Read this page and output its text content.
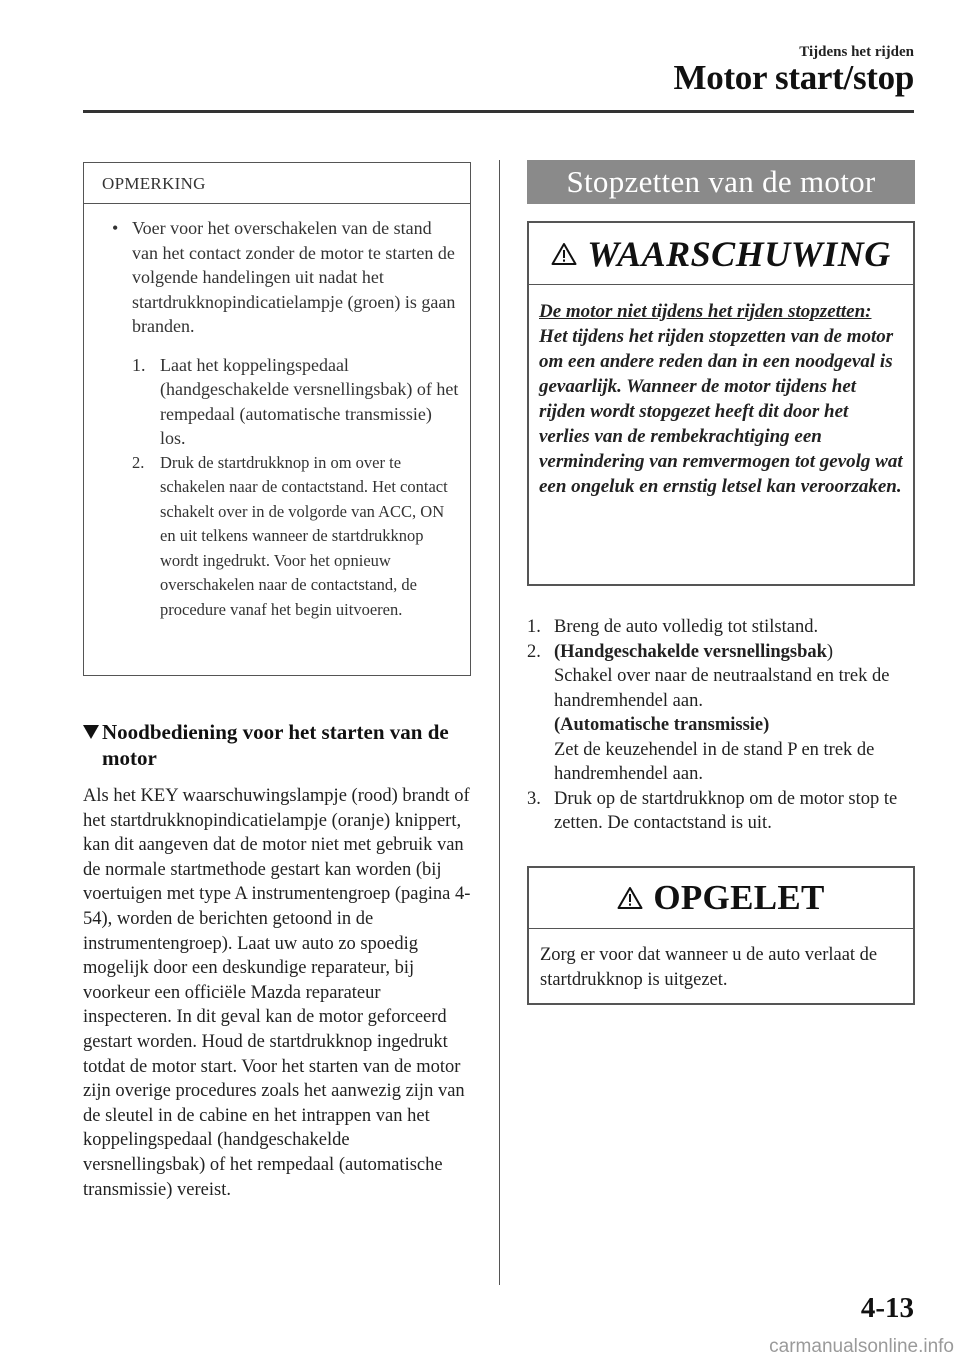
Tijdens het rijden
Motor start/stop
OPMERKING
• Voer voor het overschakelen van de stand van het contact zonder de motor te starten de volgende handelingen uit nadat het startdrukknopindicatielampje (groen) is gaan branden.
1. Laat het koppelingspedaal (handgeschakelde versnellingsbak) of het rempedaal (automatische transmissie) los.
2. Druk de startdrukknop in om over te schakelen naar de contactstand. Het contact schakelt over in de volgorde van ACC, ON en uit telkens wanneer de startdrukknop wordt ingedrukt. Voor het opnieuw overschakelen naar de contactstand, de procedure vanaf het begin uitvoeren.
Noodbediening voor het starten van de motor
Als het KEY waarschuwingslampje (rood) brandt of het startdrukknopindicatielampje (oranje) knippert, kan dit aangeven dat de motor niet met gebruik van de normale startmethode gestart kan worden (bij voertuigen met type A instrumentengroep (pagina 4-54), worden de berichten getoond in de instrumentengroep). Laat uw auto zo spoedig mogelijk door een deskundige reparateur, bij voorkeur een officiële Mazda reparateur inspecteren. In dit geval kan de motor geforceerd gestart worden. Houd de startdrukknop ingedrukt totdat de motor start. Voor het starten van de motor zijn overige procedures zoals het aanwezig zijn van de sleutel in de cabine en het intrappen van het koppelingspedaal (handgeschakelde versnellingsbak) of het rempedaal (automatische transmissie) vereist.
Stopzetten van de motor
WAARSCHUWING
De motor niet tijdens het rijden stopzetten:
Het tijdens het rijden stopzetten van de motor om een andere reden dan in een noodgeval is gevaarlijk. Wanneer de motor tijdens het rijden wordt stopgezet heeft dit door het verlies van de rembekrachtiging een vermindering van remvermogen tot gevolg wat een ongeluk en ernstig letsel kan veroorzaken.
1. Breng de auto volledig tot stilstand.
2. (Handgeschakelde versnellingsbak)
Schakel over naar de neutraalstand en trek de handremhendel aan.
(Automatische transmissie)
Zet de keuzehendel in de stand P en trek de handremhendel aan.
3. Druk op de startdrukknop om de motor stop te zetten. De contactstand is uit.
OPGELET
Zorg er voor dat wanneer u de auto verlaat de startdrukknop is uitgezet.
4-13
carmanualsonline.info
